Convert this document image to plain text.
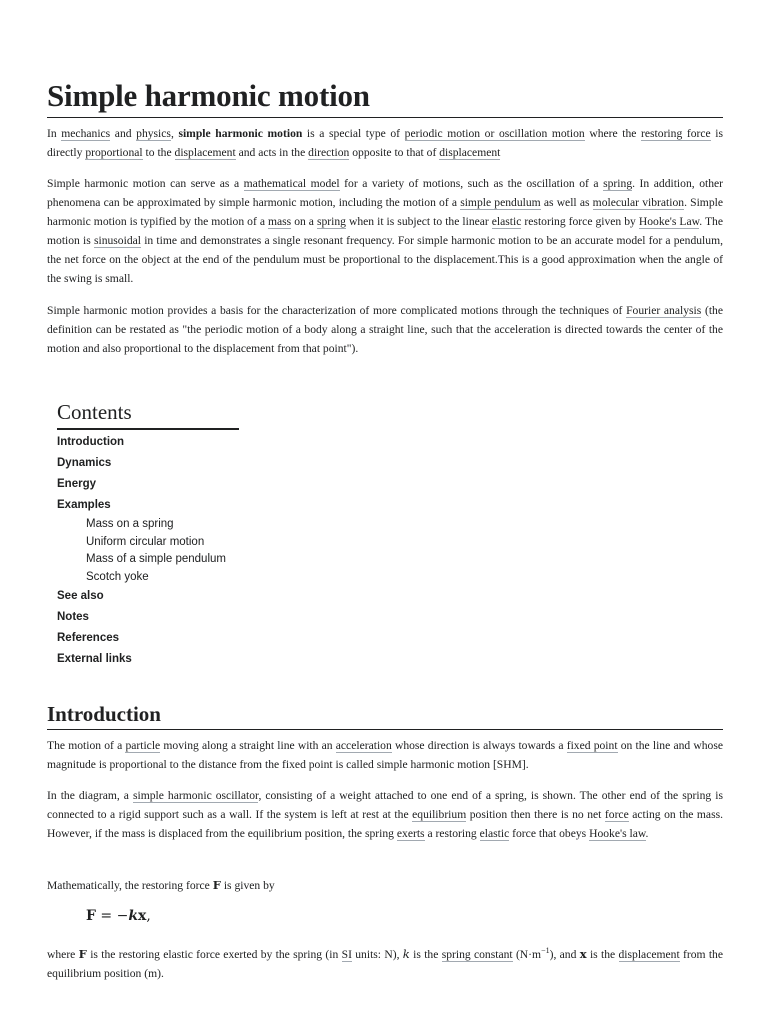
Simple harmonic motion

In mechanics and physics, simple harmonic motion is a special type of periodic motion or oscillation motion where the restoring force is directly proportional to the displacement and acts in the direction opposite to that of displacement

Simple harmonic motion can serve as a mathematical model for a variety of motions, such as the oscillation of a spring. In addition, other phenomena can be approximated by simple harmonic motion, including the motion of a simple pendulum as well as molecular vibration. Simple harmonic motion is typified by the motion of a mass on a spring when it is subject to the linear elastic restoring force given by Hooke's Law. The motion is sinusoidal in time and demonstrates a single resonant frequency. For simple harmonic motion to be an accurate model for a pendulum, the net force on the object at the end of the pendulum must be proportional to the displacement.This is a good approximation when the angle of the swing is small.

Simple harmonic motion provides a basis for the characterization of more complicated motions through the techniques of Fourier analysis (the definition can be restated as "the periodic motion of a body along a straight line, such that the acceleration is directed towards the center of the motion and also proportional to the displacement from that point").

Contents
Introduction
Dynamics
Energy
Examples
Mass on a spring
Uniform circular motion
Mass of a simple pendulum
Scotch yoke
See also
Notes
References
External links
Introduction

The motion of a particle moving along a straight line with an acceleration whose direction is always towards a fixed point on the line and whose magnitude is proportional to the distance from the fixed point is called simple harmonic motion [SHM].

In the diagram, a simple harmonic oscillator, consisting of a weight attached to one end of a spring, is shown. The other end of the spring is connected to a rigid support such as a wall. If the system is left at rest at the equilibrium position then there is no net force acting on the mass. However, if the mass is displaced from the equilibrium position, the spring exerts a restoring elastic force that obeys Hooke's law.

Mathematically, the restoring force F is given by

F = −kx,

where F is the restoring elastic force exerted by the spring (in SI units: N), k is the spring constant $(N\cdot m^{-1})$, and x is the displacement from the equilibrium position (m).
